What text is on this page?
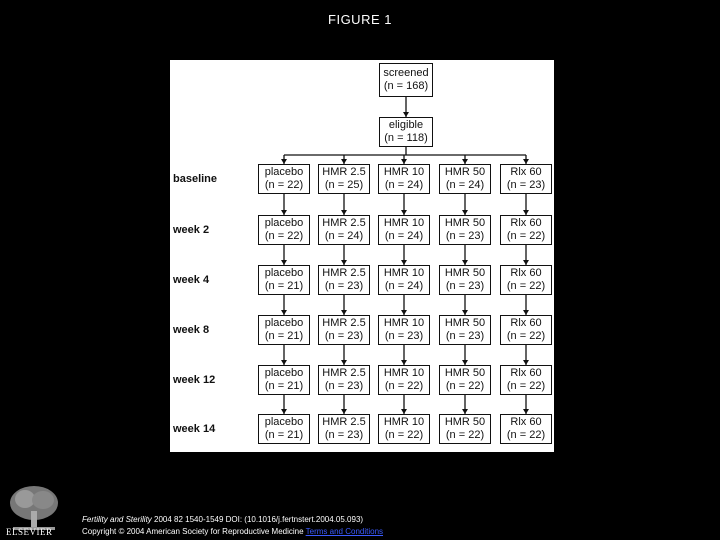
FIGURE 1
screened
(n = 168)
eligible
(n = 118)
baseline
placebo
(n = 22)
HMR 2.5
(n = 25)
HMR 10
(n = 24)
HMR 50
(n = 24)
Rlx 60
(n = 23)
week 2
placebo
(n = 22)
HMR 2.5
(n = 24)
HMR 10
(n = 24)
HMR 50
(n = 23)
Rlx 60
(n = 22)
week 4
placebo
(n = 21)
HMR 2.5
(n = 23)
HMR 10
(n = 24)
HMR 50
(n = 23)
Rlx 60
(n = 22)
week 8
placebo
(n = 21)
HMR 2.5
(n = 23)
HMR 10
(n = 23)
HMR 50
(n = 23)
Rlx 60
(n = 22)
week 12
placebo
(n = 21)
HMR 2.5
(n = 23)
HMR 10
(n = 22)
HMR 50
(n = 22)
Rlx 60
(n = 22)
week 14
placebo
(n = 21)
HMR 2.5
(n = 23)
HMR 10
(n = 22)
HMR 50
(n = 22)
Rlx 60
(n = 22)
ELSEVIER
Fertility and Sterility 2004 82 1540-1549 DOI: (10.1016/j.fertnstert.2004.05.093)
Copyright © 2004 American Society for Reproductive Medicine Terms and Conditions
